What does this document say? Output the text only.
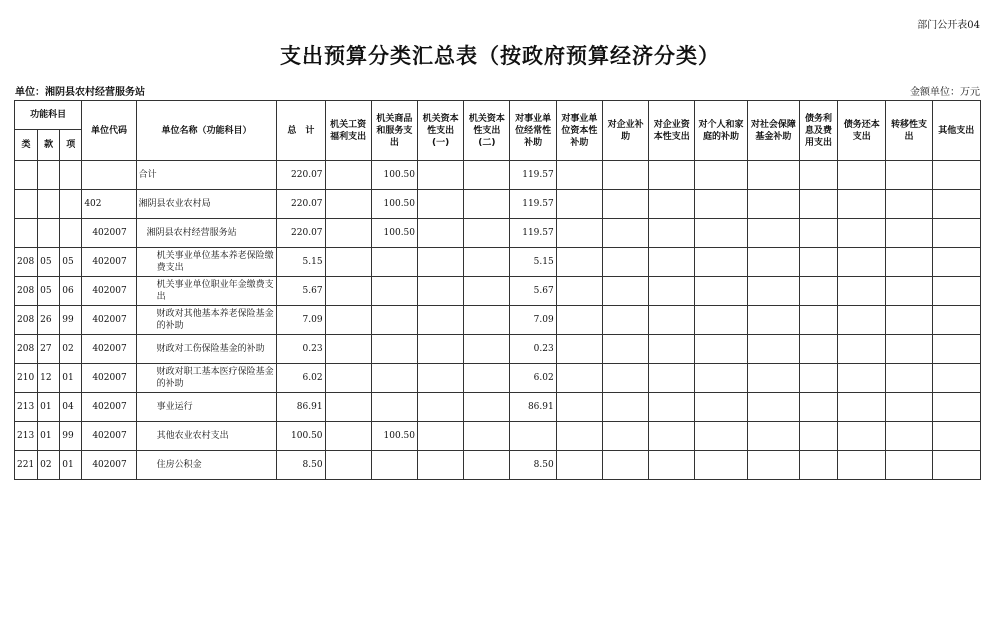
部门公开表04
支出预算分类汇总表（按政府预算经济分类）
单位：湘阴县农村经营服务站	金额单位：万元
功能科目			单位代码	单位名称（功能科目）	总　计	机关工资福利支出	机关商品和服务支出	机关资本性支出(一)	机关资本性支出(二)	对事业单位经常性补助	对事业单位资本性补助	对企业补助	对企业资本性支出	对个人和家庭的补助	对社会保障基金补助	债务利息及费用支出	债务还本支出	转移性支出	其他支出
类	款	项																	
				合计	220.07		100.50			119.57									
			402	湘阴县农业农村局	220.07		100.50			119.57									
			402007	湘阴县农村经营服务站	220.07		100.50			119.57									
208	05	05	402007	机关事业单位基本养老保险缴费支出	5.15					5.15									
208	05	06	402007	机关事业单位职业年金缴费支出	5.67					5.67									
208	26	99	402007	财政对其他基本养老保险基金的补助	7.09					7.09									
208	27	02	402007	财政对工伤保险基金的补助	0.23					0.23									
210	12	01	402007	财政对职工基本医疗保险基金的补助	6.02					6.02									
213	01	04	402007	事业运行	86.91					86.91									
213	01	99	402007	其他农业农村支出	100.50		100.50												
221	02	01	402007	住房公积金	8.50					8.50									
